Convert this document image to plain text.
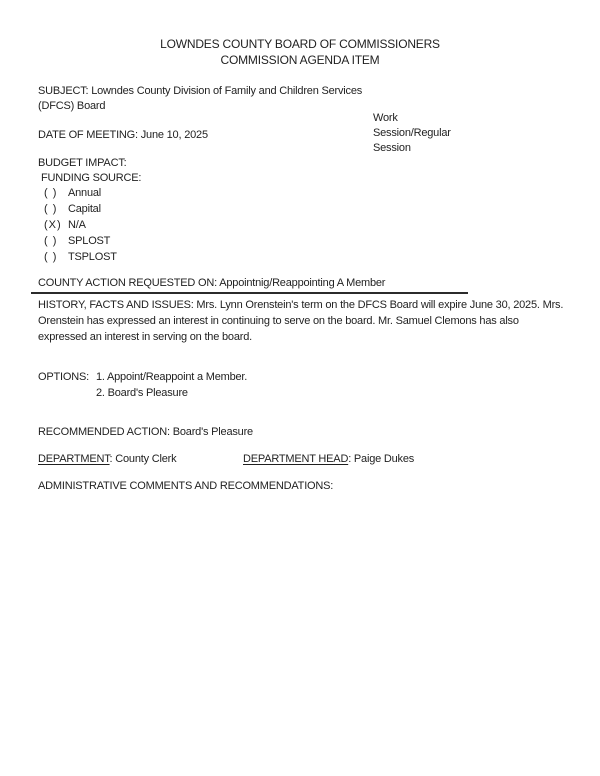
LOWNDES COUNTY BOARD OF COMMISSIONERS
COMMISSION AGENDA ITEM
SUBJECT: Lowndes County Division of Family and Children Services
(DFCS) Board
Work
Session/Regular
Session
DATE OF MEETING: June 10, 2025
BUDGET IMPACT:
FUNDING SOURCE:
( ) Annual
( ) Capital
(X) N/A
( ) SPLOST
( ) TSPLOST
COUNTY ACTION REQUESTED ON: Appointnig/Reappointing A Member
HISTORY, FACTS AND ISSUES: Mrs. Lynn Orenstein's term on the DFCS Board will expire June 30, 2025. Mrs.
Orenstein has expressed an interest in continuing to serve on the board. Mr. Samuel Clemons has also
expressed an interest in serving on the board.
OPTIONS: 1. Appoint/Reappoint a Member.
2. Board's Pleasure
RECOMMENDED ACTION: Board's Pleasure
DEPARTMENT: County Clerk	DEPARTMENT HEAD: Paige Dukes
ADMINISTRATIVE COMMENTS AND RECOMMENDATIONS:
